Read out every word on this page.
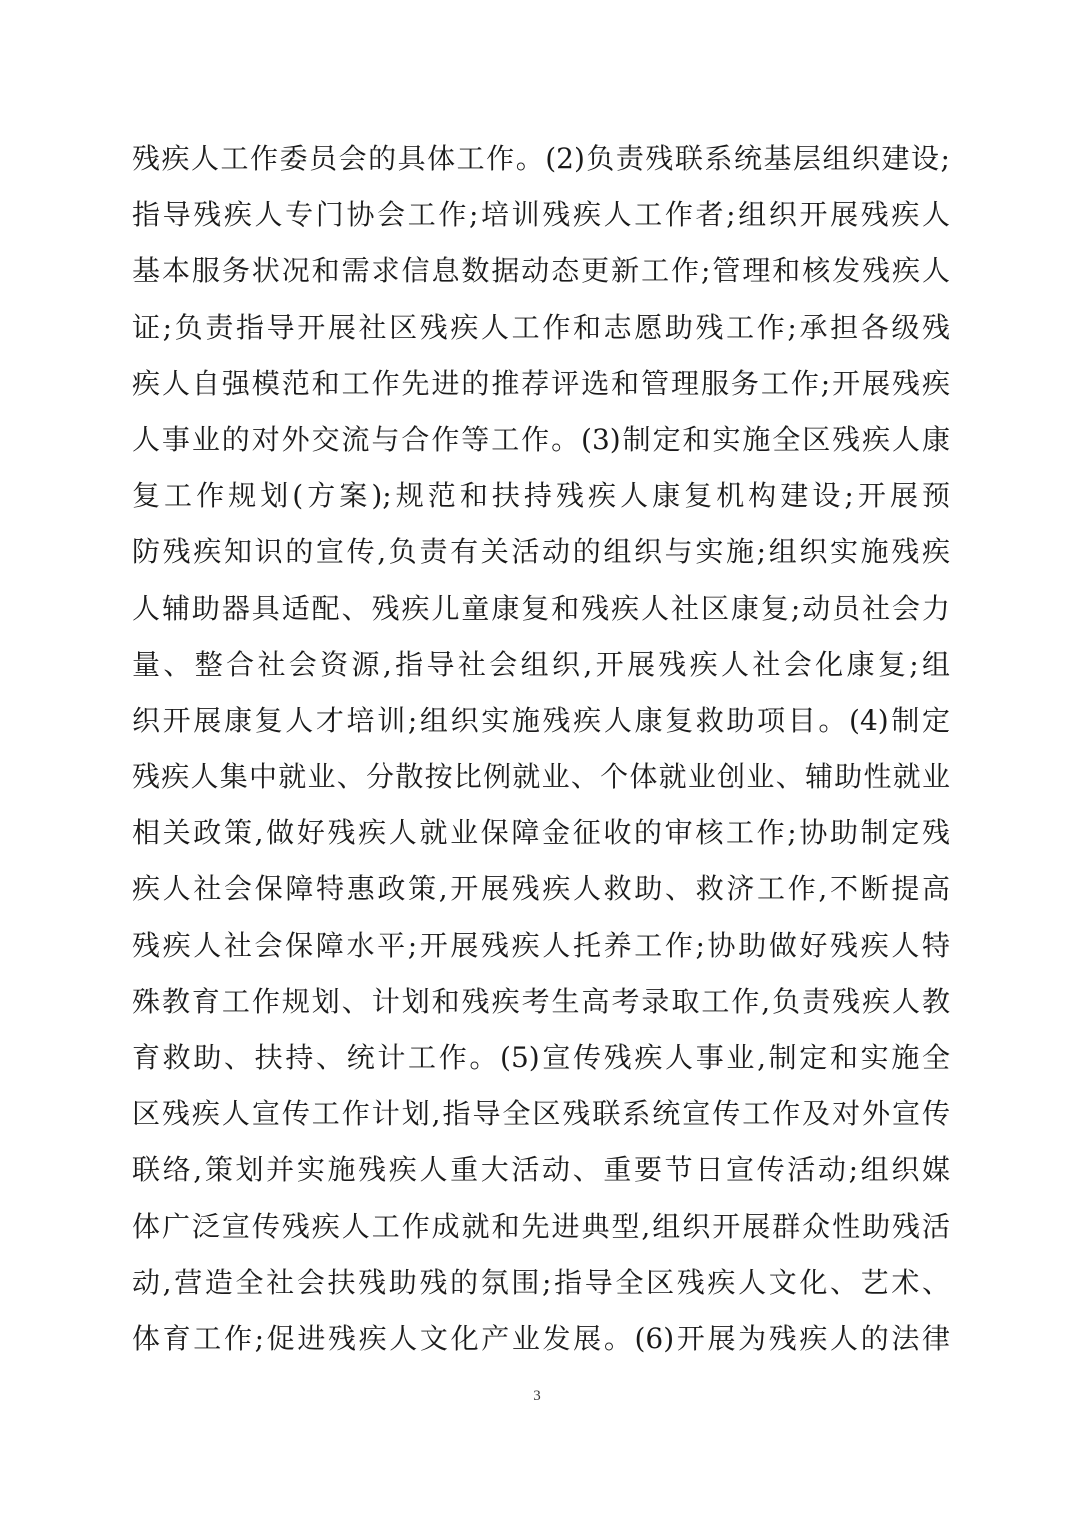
残疾人工作委员会的具体工作。(2)负责残联系统基层组织建设;
指导残疾人专门协会工作;培训残疾人工作者;组织开展残疾人
基本服务状况和需求信息数据动态更新工作;管理和核发残疾人
证;负责指导开展社区残疾人工作和志愿助残工作;承担各级残
疾人自强模范和工作先进的推荐评选和管理服务工作;开展残疾
人事业的对外交流与合作等工作。(3)制定和实施全区残疾人康
复工作规划(方案);规范和扶持残疾人康复机构建设;开展预
防残疾知识的宣传,负责有关活动的组织与实施;组织实施残疾
人辅助器具适配、残疾儿童康复和残疾人社区康复;动员社会力
量、整合社会资源,指导社会组织,开展残疾人社会化康复;组
织开展康复人才培训;组织实施残疾人康复救助项目。(4)制定
残疾人集中就业、分散按比例就业、个体就业创业、辅助性就业
相关政策,做好残疾人就业保障金征收的审核工作;协助制定残
疾人社会保障特惠政策,开展残疾人救助、救济工作,不断提高
残疾人社会保障水平;开展残疾人托养工作;协助做好残疾人特
殊教育工作规划、计划和残疾考生高考录取工作,负责残疾人教
育救助、扶持、统计工作。(5)宣传残疾人事业,制定和实施全
区残疾人宣传工作计划,指导全区残联系统宣传工作及对外宣传
联络,策划并实施残疾人重大活动、重要节日宣传活动;组织媒
体广泛宣传残疾人工作成就和先进典型,组织开展群众性助残活
动,营造全社会扶残助残的氛围;指导全区残疾人文化、艺术、
体育工作;促进残疾人文化产业发展。(6)开展为残疾人的法律
3
